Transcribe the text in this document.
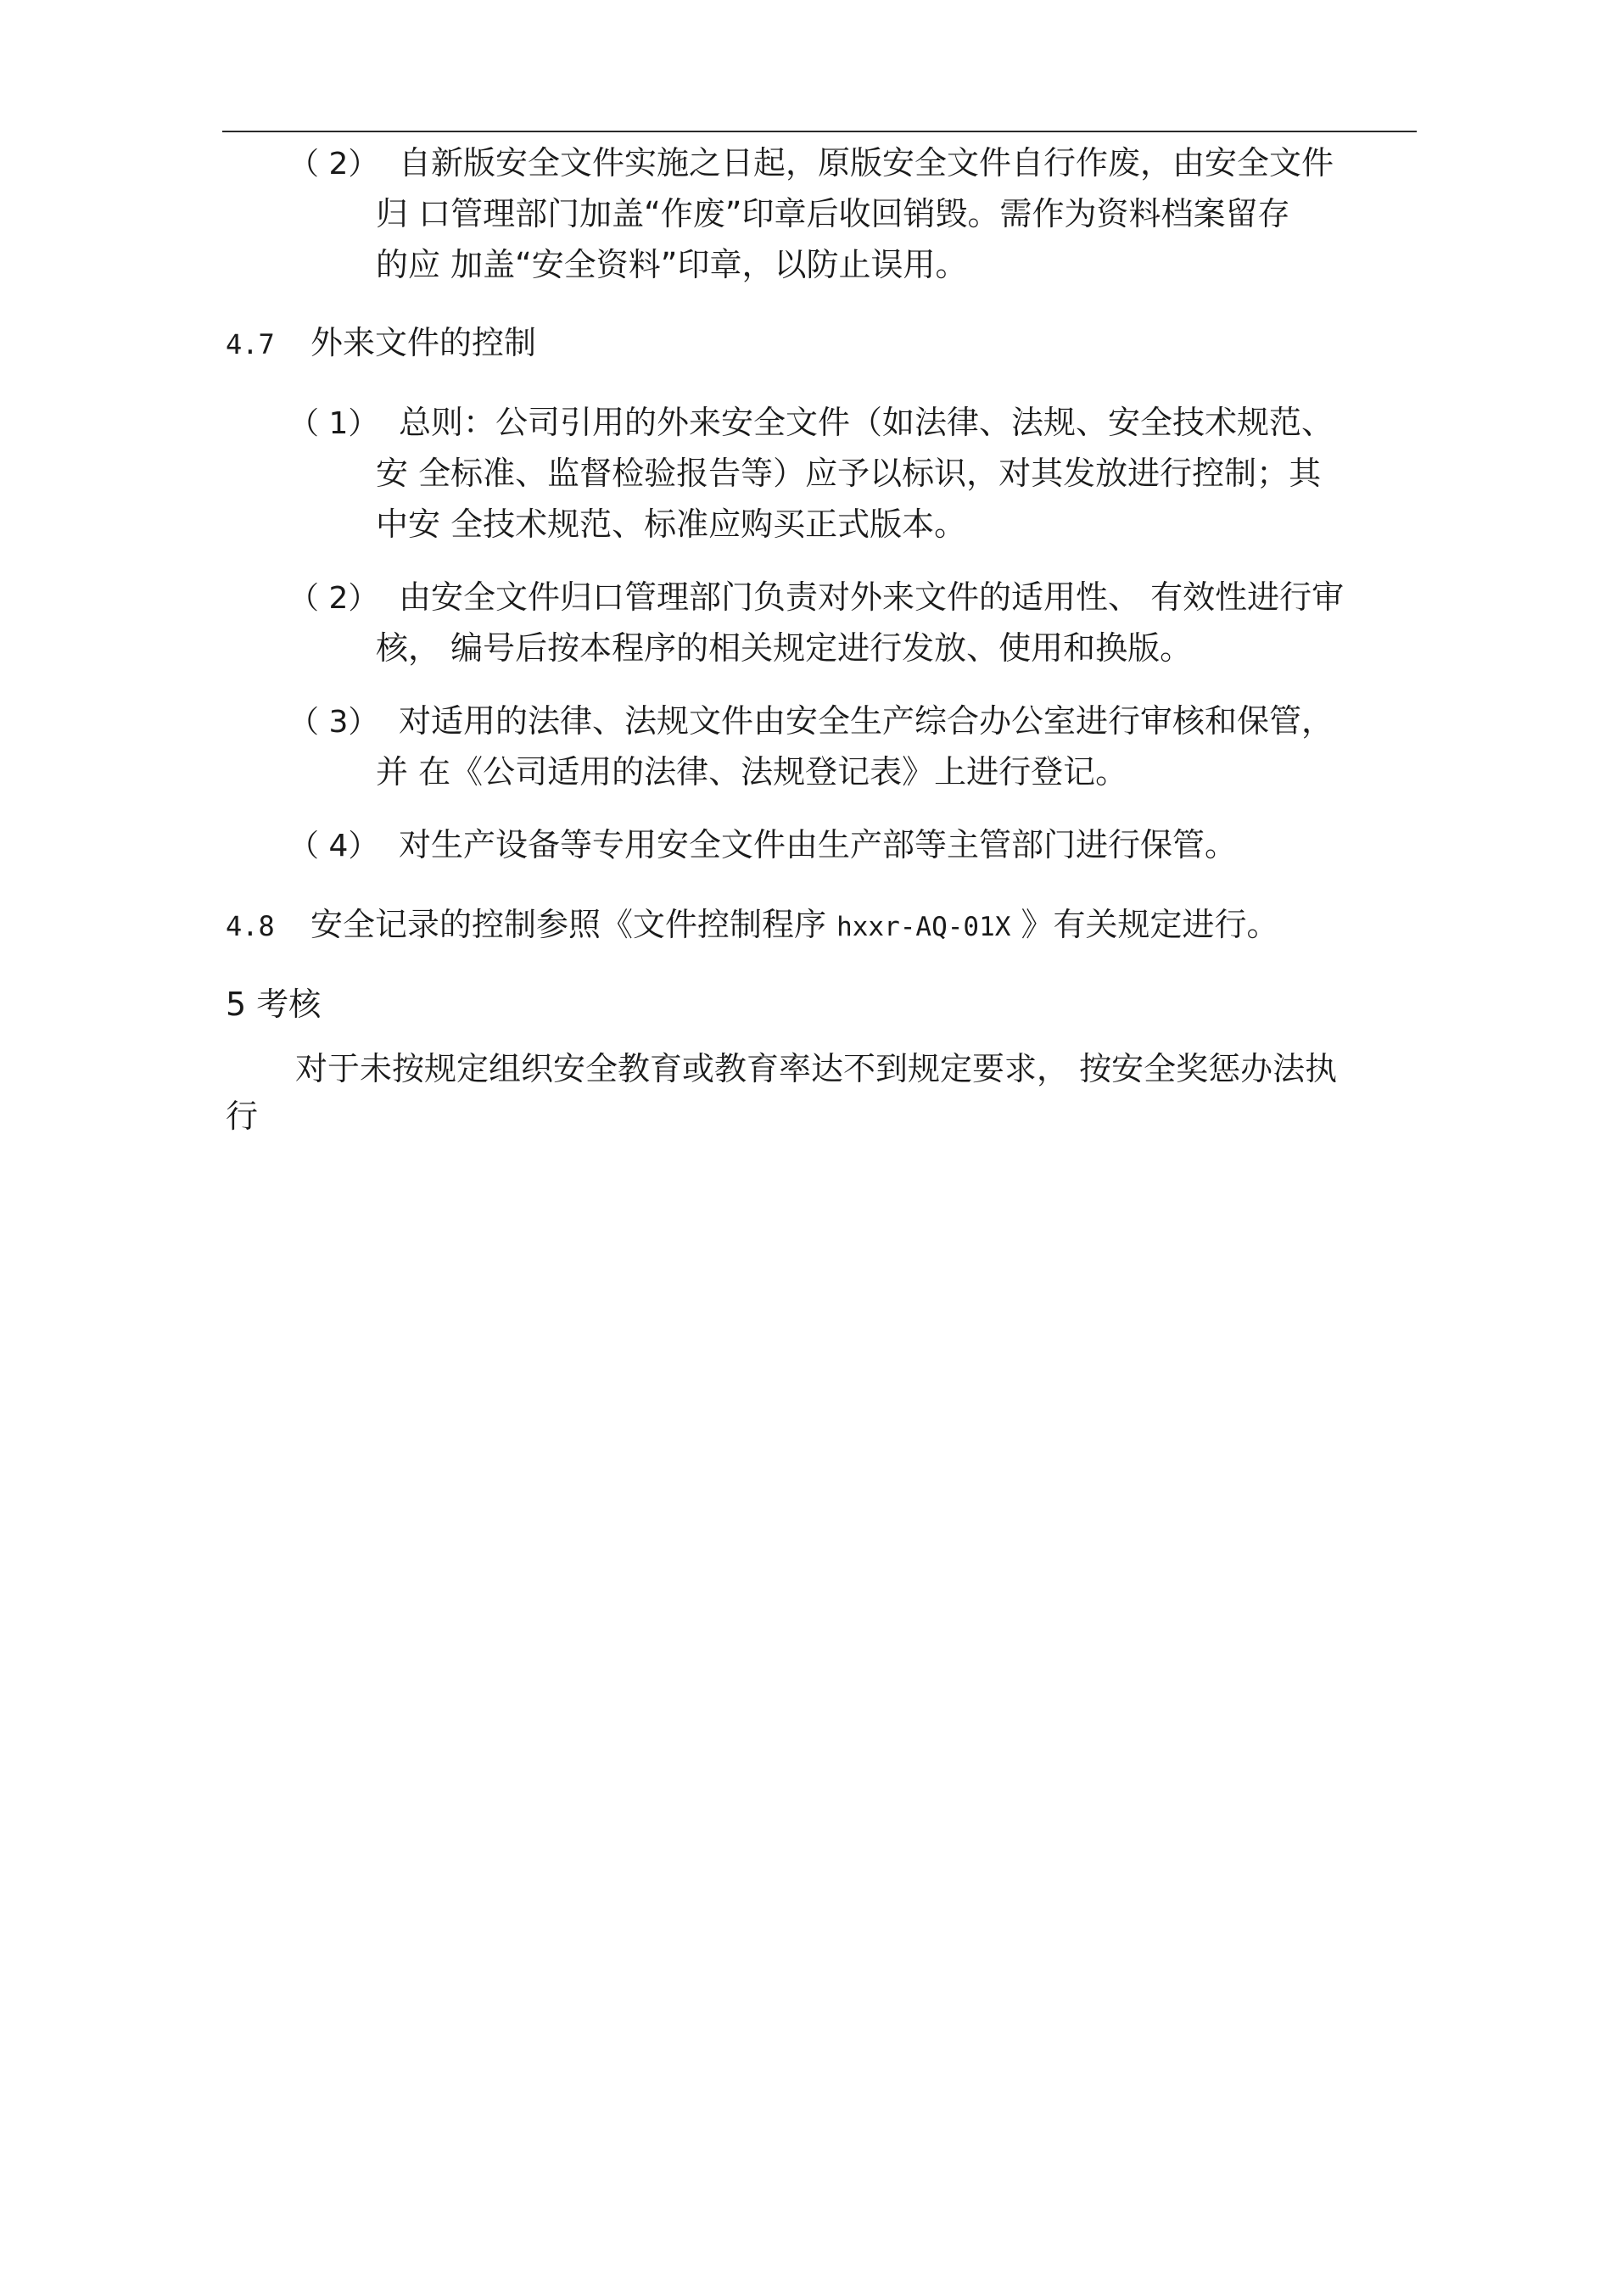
（ 2） 自新版安全文件实施之日起，原版安全文件自行作废，由安全文件
归 口管理部门加盖“作废”印章后收回销毁。需作为资料档案留存
的应 加盖“安全资料”印章，以防止误用。
4.7 外来文件的控制
（ 1） 总则：公司引用的外来安全文件（如法律、法规、安全技术规范、
安 全标准、监督检验报告等）应予以标识，对其发放进行控制；其
中安 全技术规范、标准应购买正式版本。
（ 2） 由安全文件归口管理部门负责对外来文件的适用性、 有效性进行审
核， 编号后按本程序的相关规定进行发放、使用和换版。
（ 3） 对适用的法律、法规文件由安全生产综合办公室进行审核和保管，
并 在《公司适用的法律、法规登记表》上进行登记。
（ 4） 对生产设备等专用安全文件由生产部等主管部门进行保管。
4.8 安全记录的控制参照《文件控制程序 hxxr-AQ-01X 》有关规定进行。
5 考核
对于未按规定组织安全教育或教育率达不到规定要求， 按安全奖惩办法执
行
